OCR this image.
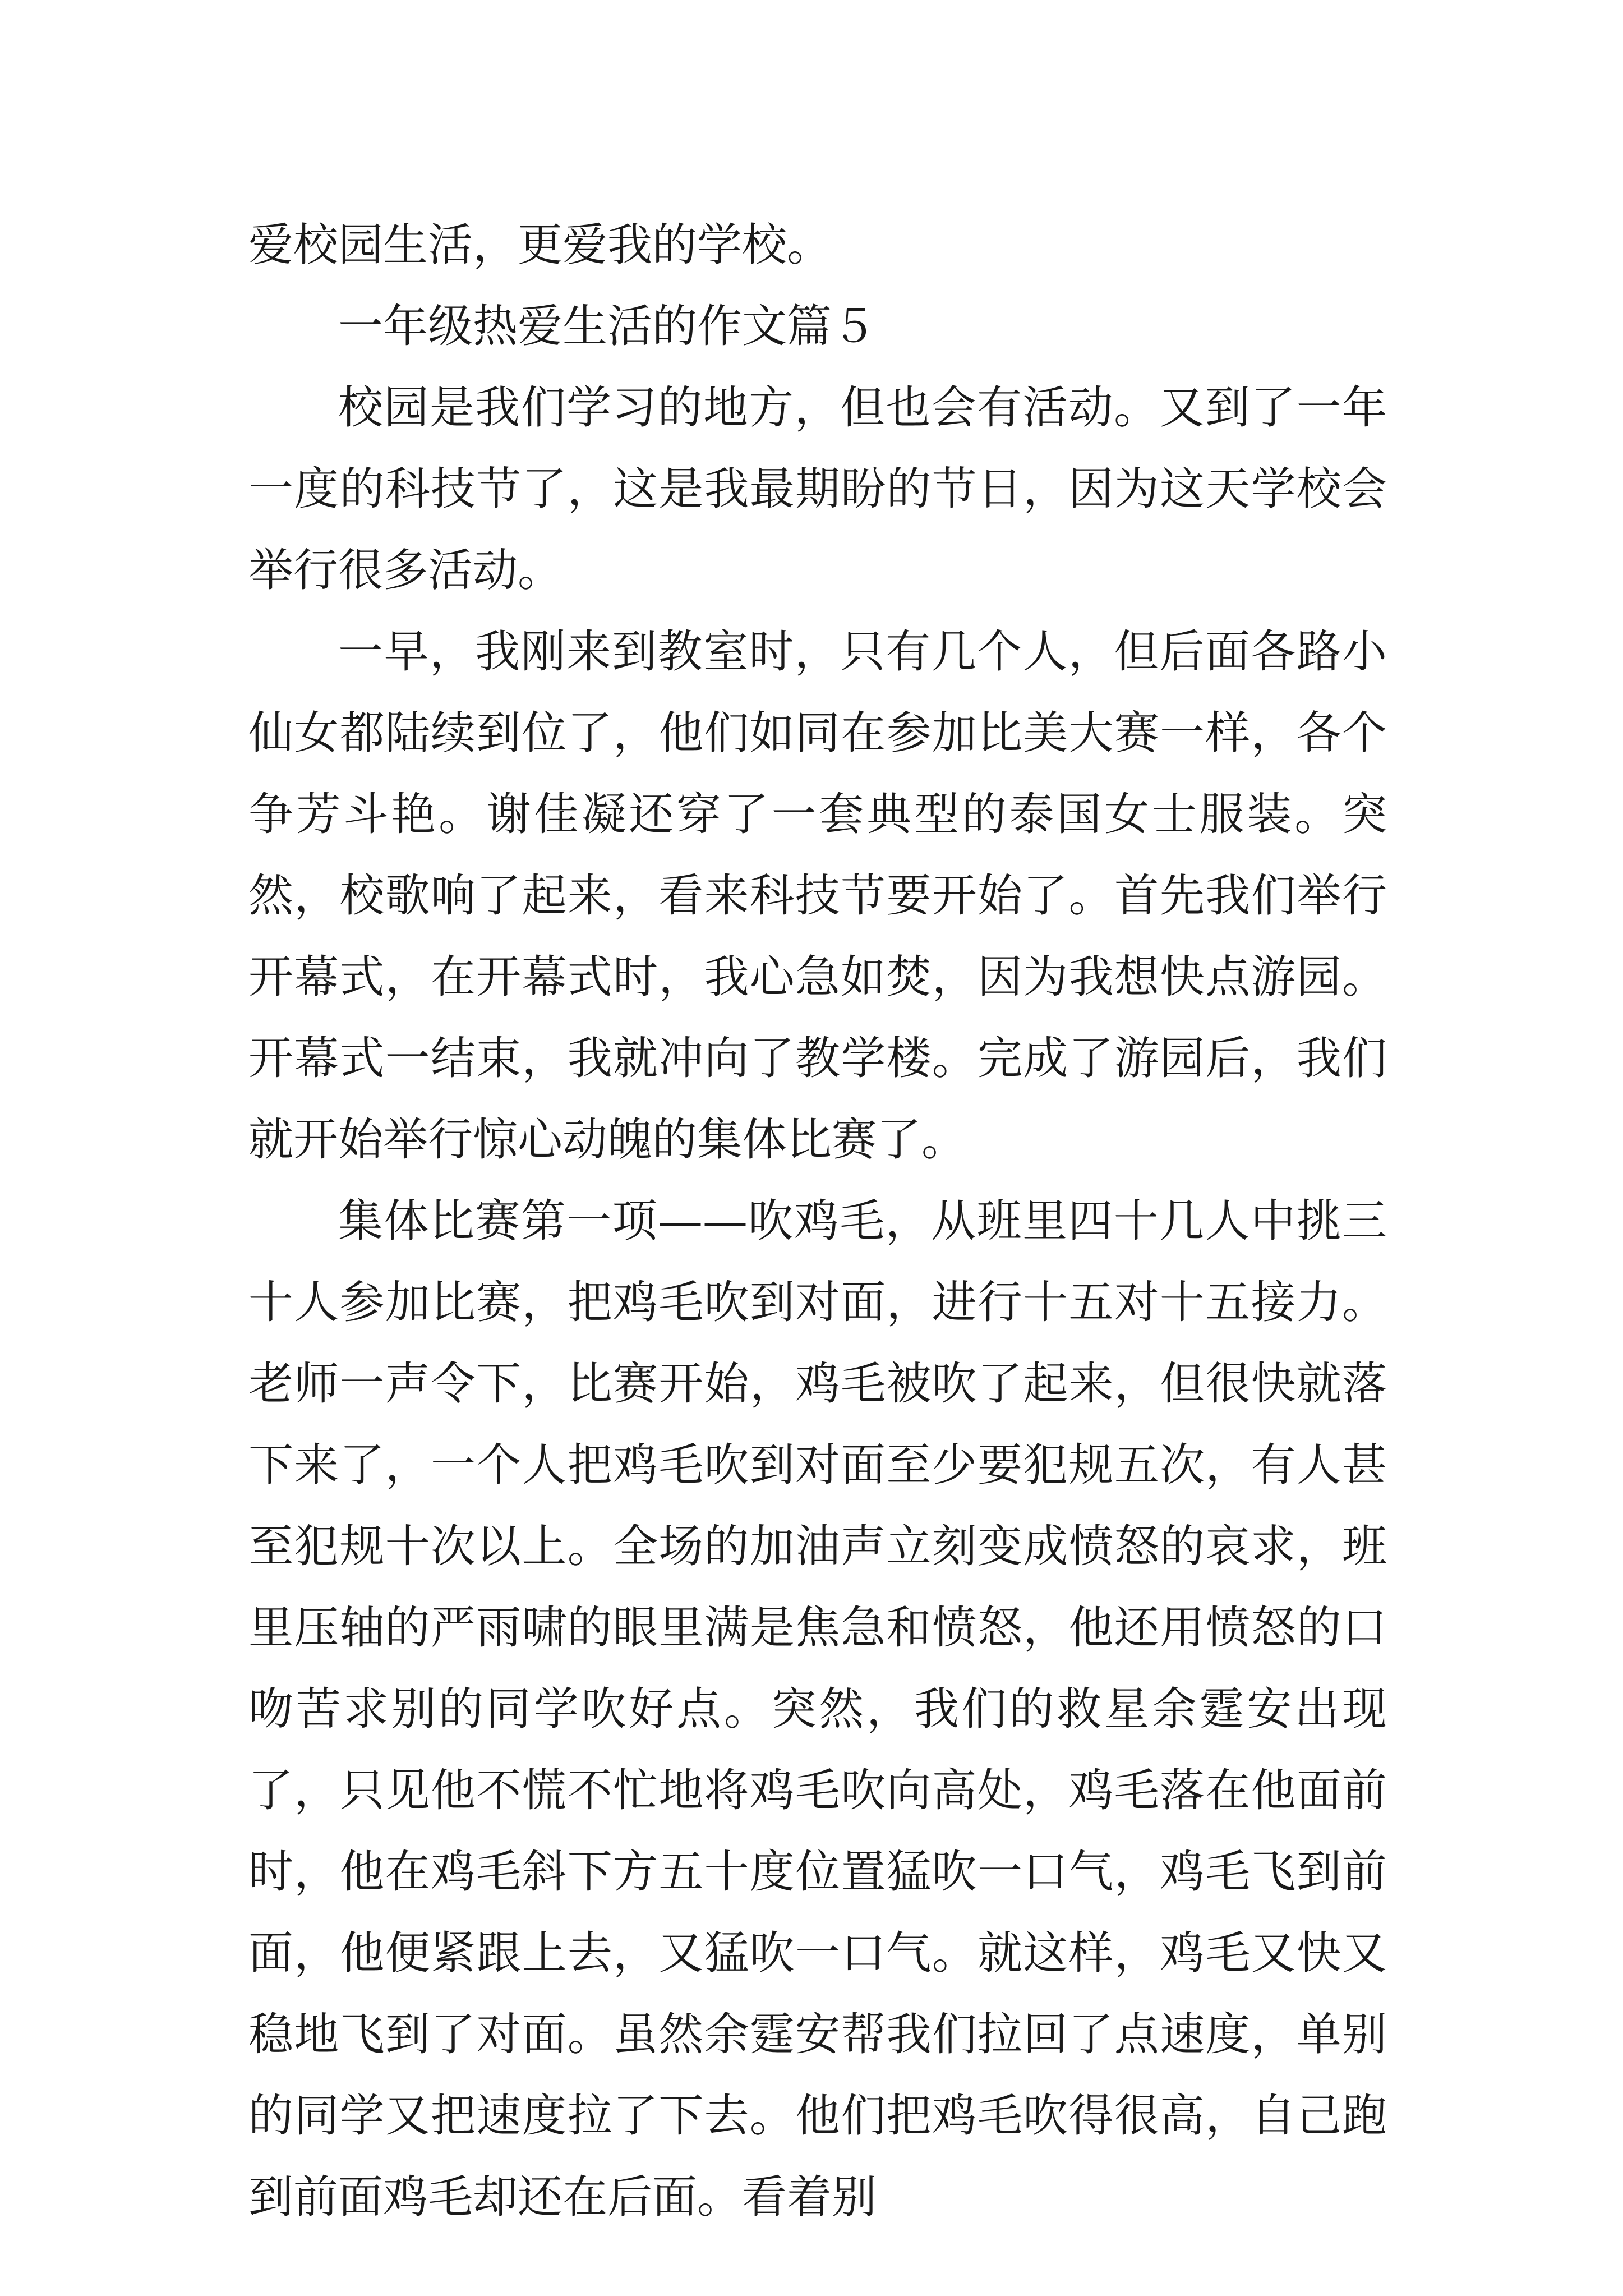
爱校园生活，更爱我的学校。

一年级热爱生活的作文篇５

校园是我们学习的地方，但也会有活动。又到了一年一度的科技节了，这是我最期盼的节日，因为这天学校会举行很多活动。

一早，我刚来到教室时，只有几个人，但后面各路小仙女都陆续到位了，他们如同在参加比美大赛一样，各个争芳斗艳。谢佳凝还穿了一套典型的泰国女士服装。突然，校歌响了起来，看来科技节要开始了。首先我们举行开幕式，在开幕式时，我心急如焚，因为我想快点游园。开幕式一结束，我就冲向了教学楼。完成了游园后，我们就开始举行惊心动魄的集体比赛了。

集体比赛第一项——吹鸡毛，从班里四十几人中挑三十人参加比赛，把鸡毛吹到对面，进行十五对十五接力。老师一声令下，比赛开始，鸡毛被吹了起来，但很快就落下来了，一个人把鸡毛吹到对面至少要犯规五次，有人甚至犯规十次以上。全场的加油声立刻变成愤怒的哀求，班里压轴的严雨啸的眼里满是焦急和愤怒，他还用愤怒的口吻苦求别的同学吹好点。突然，我们的救星余霆安出现了，只见他不慌不忙地将鸡毛吹向高处，鸡毛落在他面前时，他在鸡毛斜下方五十度位置猛吹一口气，鸡毛飞到前面，他便紧跟上去，又猛吹一口气。就这样，鸡毛又快又稳地飞到了对面。虽然余霆安帮我们拉回了点速度，单别的同学又把速度拉了下去。他们把鸡毛吹得很高，自己跑到前面鸡毛却还在后面。看着别
